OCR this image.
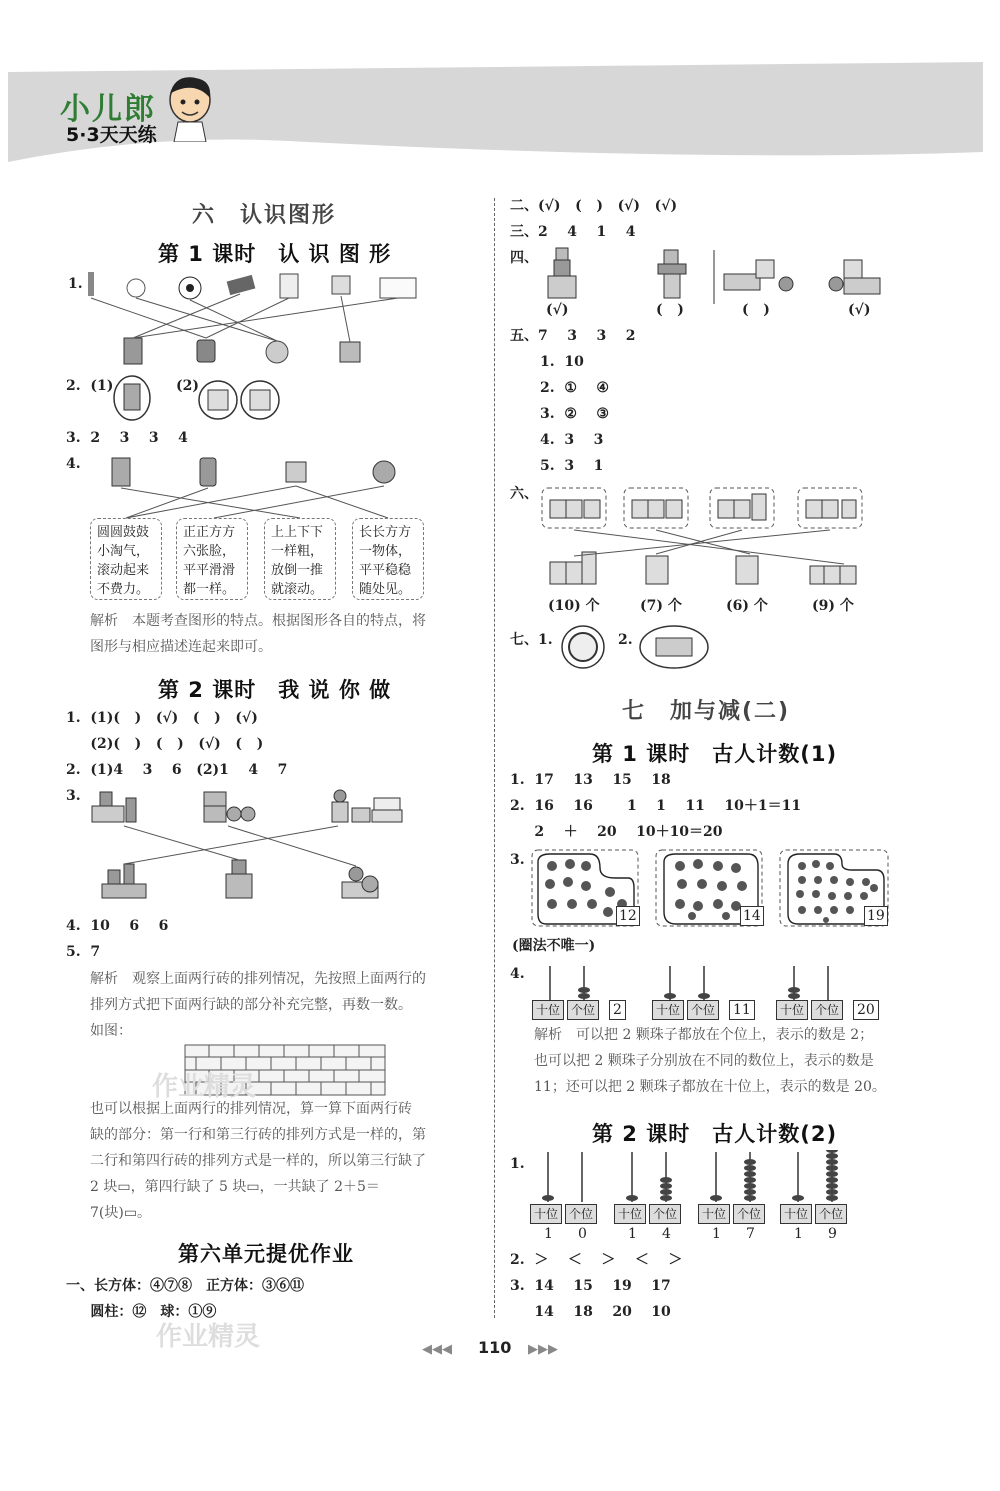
小儿郎
5·3天天练
六　认识图形
第 1 课时　认 识 图 形
1.
2.  (1)	(2)
3.  2    3    3    4
4.
圆圆鼓鼓小淘气，滚动起来不费力。
正正方方六张脸，平平滑滑都一样。
上上下下一样粗，放倒一推就滚动。
长长方方一物体，平平稳稳随处见。
解析　本题考查图形的特点。根据图形各自的特点，将
图形与相应描述连起来即可。
第 2 课时　我 说 你 做
1.  (1)(   )   (√)   (   )   (√)
(2)(   )   (   )   (√)   (   )
2.  (1)4    3    6   (2)1    4    7
3.
4.  10    6    6
5.  7
解析　观察上面两行砖的排列情况，先按照上面两行的
排列方式把下面两行缺的部分补充完整，再数一数。
如图：
作业精灵
也可以根据上面两行的排列情况，算一算下面两行砖
缺的部分：第一行和第三行砖的排列方式是一样的，第
二行和第四行砖的排列方式是一样的，所以第三行缺了
2 块▭，第四行缺了 5 块▭，一共缺了 2＋5＝
7(块)▭。
第六单元提优作业
一、长方体：④⑦⑧　正方体：③⑥⑪
圆柱：⑫　球：①⑨
作业精灵
二、(√)   (   )   (√)   (√)
三、2    4    1    4
四、
(√)	(   )	(   )	(√)
五、7    3    3    2
1.  10
2.  ①    ④
3.  ②    ③
4.  3    3
5.  3    1
六、
(10) 个	(7) 个	(6) 个	(9) 个
七、1.	2.
七　加与减(二)
第 1 课时　古人计数(1)
1.  17    13    15    18
2.  16    16       1    1    11    10＋1＝11
2    ＋    20    10＋10＝20
3.
12	14	19
(圈法不唯一)
4.
十位 个位 2	十位 个位 11	十位 个位 20
解析　可以把 2 颗珠子都放在个位上，表示的数是 2；
也可以把 2 颗珠子分别放在不同的数位上，表示的数是
11；还可以把 2 颗珠子都放在十位上，表示的数是 20。
第 2 课时　古人计数(2)
1.
十位 个位	十位 个位	十位 个位	十位 个位
1 0	1 4	1 7	1 9
2.  ＞    ＜    ＞    ＜    ＞
3.  14    15    19    17
14    18    20    10
◀◀◀ 110 ▶▶▶
